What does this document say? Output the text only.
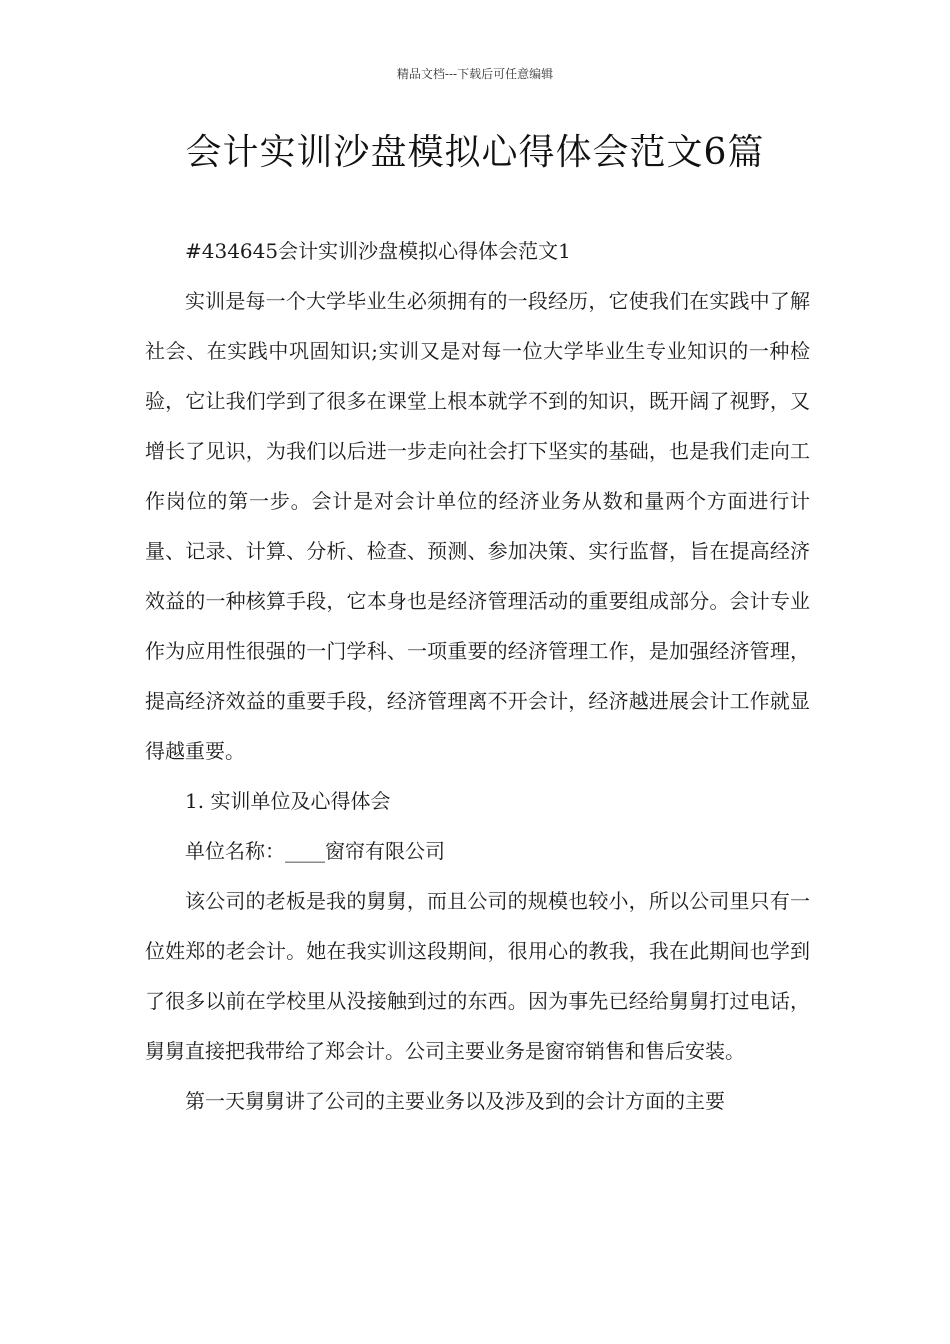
精品文档---下载后可任意编辑
会计实训沙盘模拟心得体会范文6篇

#434645会计实训沙盘模拟心得体会范文1

实训是每一个大学毕业生必须拥有的一段经历，它使我们在实践中了解社会、在实践中巩固知识;实训又是对每一位大学毕业生专业知识的一种检验，它让我们学到了很多在课堂上根本就学不到的知识，既开阔了视野，又增长了见识，为我们以后进一步走向社会打下坚实的基础，也是我们走向工作岗位的第一步。会计是对会计单位的经济业务从数和量两个方面进行计量、记录、计算、分析、检查、预测、参加决策、实行监督，旨在提高经济效益的一种核算手段，它本身也是经济管理活动的重要组成部分。会计专业作为应用性很强的一门学科、一项重要的经济管理工作，是加强经济管理，提高经济效益的重要手段，经济管理离不开会计，经济越进展会计工作就显得越重要。

1. 实训单位及心得体会

单位名称：____窗帘有限公司

该公司的老板是我的舅舅，而且公司的规模也较小，所以公司里只有一位姓郑的老会计。她在我实训这段期间，很用心的教我，我在此期间也学到了很多以前在学校里从没接触到过的东西。因为事先已经给舅舅打过电话，舅舅直接把我带给了郑会计。公司主要业务是窗帘销售和售后安装。

第一天舅舅讲了公司的主要业务以及涉及到的会计方面的主要
